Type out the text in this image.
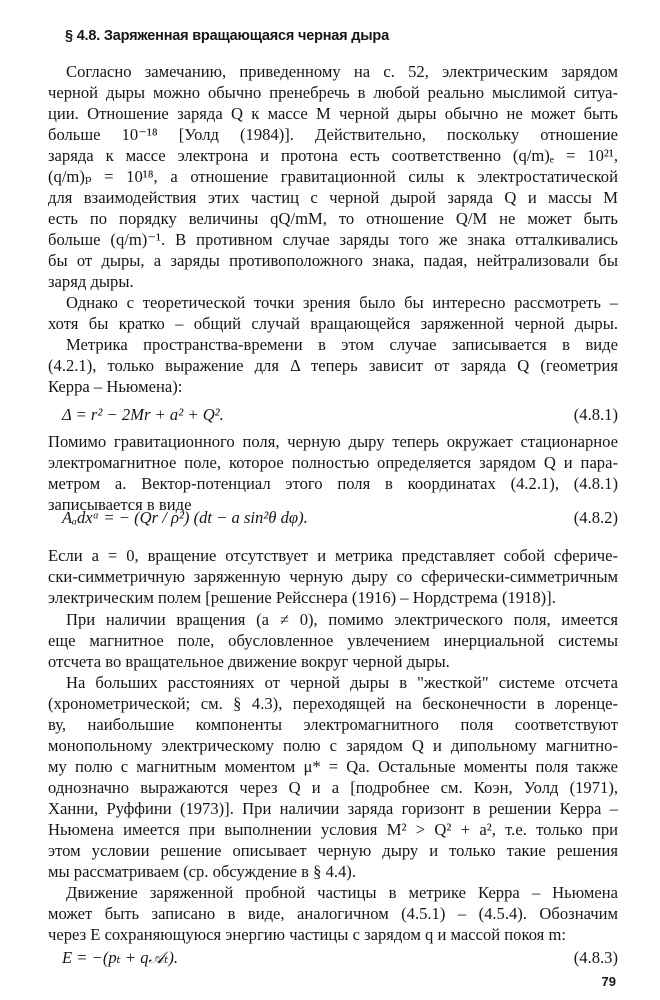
§ 4.8. Заряженная вращающаяся черная дыра
Согласно замечанию, приведенному на с. 52, электрическим зарядом
черной дыры можно обычно пренебречь в любой реально мыслимой ситуа-
ции. Отношение заряда Q к массе M черной дыры обычно не может быть
больше 10⁻¹⁸ [Уолд (1984)]. Действительно, поскольку отношение
заряда к массе электрона и протона есть соответственно (q/m)ₑ = 10²¹,
(q/m)ₚ = 10¹⁸, а отношение гравитационной силы к электростатической
для взаимодействия этих частиц с черной дырой заряда Q и массы M
есть по порядку величины qQ/mM, то отношение Q/M не может быть
больше (q/m)⁻¹. В противном случае заряды того же знака отталкивались
бы от дыры, а заряды противоположного знака, падая, нейтрализовали бы
заряд дыры.
Однако с теоретической точки зрения было бы интересно рассмотреть –
хотя бы кратко – общий случай вращающейся заряженной черной дыры.
Метрика пространства-времени в этом случае записывается в виде
(4.2.1), только выражение для Δ теперь зависит от заряда Q (геометрия
Керра – Ньюмена):
Δ = r² − 2Mr + a² + Q².	(4.8.1)
Помимо гравитационного поля, черную дыру теперь окружает стационарное
электромагнитное поле, которое полностью определяется зарядом Q и пара-
метром a. Вектор-потенциал этого поля в координатах (4.2.1), (4.8.1)
записывается в виде
Aₐdxᵅ = − (Qr / ρ²) (dt − a sin²θ dφ).	(4.8.2)
Если a = 0, вращение отсутствует и метрика представляет собой сфериче-
ски-симметричную заряженную черную дыру со сферически-симметричным
электрическим полем [решение Рейсснера (1916) – Нордстрема (1918)].
При наличии вращения (a ≠ 0), помимо электрического поля, имеется
еще магнитное поле, обусловленное увлечением инерциальной системы
отсчета во вращательное движение вокруг черной дыры.
На больших расстояниях от черной дыры в "жесткой" системе отсчета
(хронометрической; см. § 4.3), переходящей на бесконечности в лоренце-
ву, наибольшие компоненты электромагнитного поля соответствуют
монопольному электрическому полю с зарядом Q и дипольному магнитно-
му полю с магнитным моментом μ* = Qa. Остальные моменты поля также
однозначно выражаются через Q и a [подробнее см. Коэн, Уолд (1971),
Ханни, Руффини (1973)]. При наличии заряда горизонт в решении Керра –
Ньюмена имеется при выполнении условия M² > Q² + a², т.е. только при
этом условии решение описывает черную дыру и только такие решения
мы рассматриваем (ср. обсуждение в § 4.4).
Движение заряженной пробной частицы в метрике Керра – Ньюмена
может быть записано в виде, аналогичном (4.5.1) – (4.5.4). Обозначим
через E сохраняющуюся энергию частицы с зарядом q и массой покоя m:
E = −(pₜ + q𝒜ₜ).	(4.8.3)
79
